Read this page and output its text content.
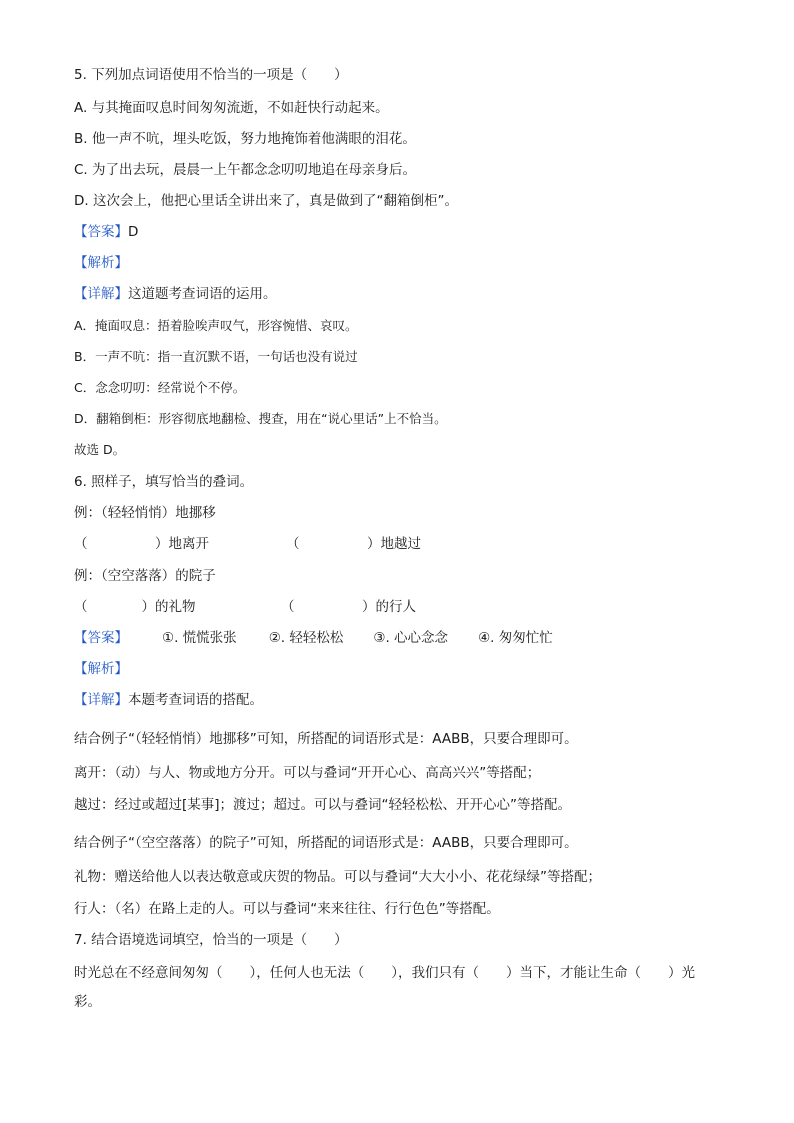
5. 下列加点词语使用不恰当的一项是（　　）
A. 与其掩面叹息时间匆匆流逝，不如赶快行动起来。
B. 他一声不吭，埋头吃饭，努力地掩饰着他满眼的泪花。
C. 为了出去玩，晨晨一上午都念念叨叨地追在母亲身后。
D. 这次会上，他把心里话全讲出来了，真是做到了“翻箱倒柜”。
【答案】D
【解析】
【详解】这道题考查词语的运用。
A．掩面叹息：捂着脸唉声叹气，形容惋惜、哀叹。
B．一声不吭：指一直沉默不语，一句话也没有说过
C．念念叨叨：经常说个不停。
D．翻箱倒柜：形容彻底地翻检、搜查，用在“说心里话”上不恰当。
故选 D。
6. 照样子，填写恰当的叠词。
例：（轻轻悄悄）地挪移
（　　　　　）地离开	（　　　　　）地越过
例：（空空落落）的院子
（　　　　）的礼物	（　　　　　）的行人
【答案】	①. 慌慌张张 ②. 轻轻松松 ③. 心心念念 ④. 匆匆忙忙
【解析】
【详解】本题考查词语的搭配。
结合例子“（轻轻悄悄）地挪移”可知，所搭配的词语形式是：AABB，只要合理即可。
离开：（动）与人、物或地方分开。可以与叠词“开开心心、高高兴兴”等搭配；
越过：经过或超过[某事]；渡过；超过。可以与叠词“轻轻松松、开开心心”等搭配。
结合例子“（空空落落）的院子”可知，所搭配的词语形式是：AABB，只要合理即可。
礼物：赠送给他人以表达敬意或庆贺的物品。可以与叠词“大大小小、花花绿绿”等搭配；
行人：（名）在路上走的人。可以与叠词“来来往往、行行色色”等搭配。
7. 结合语境选词填空，恰当的一项是（　　）
时光总在不经意间匆匆（　　），任何人也无法（　　），我们只有（　　）当下，才能让生命（　　）光
彩。
